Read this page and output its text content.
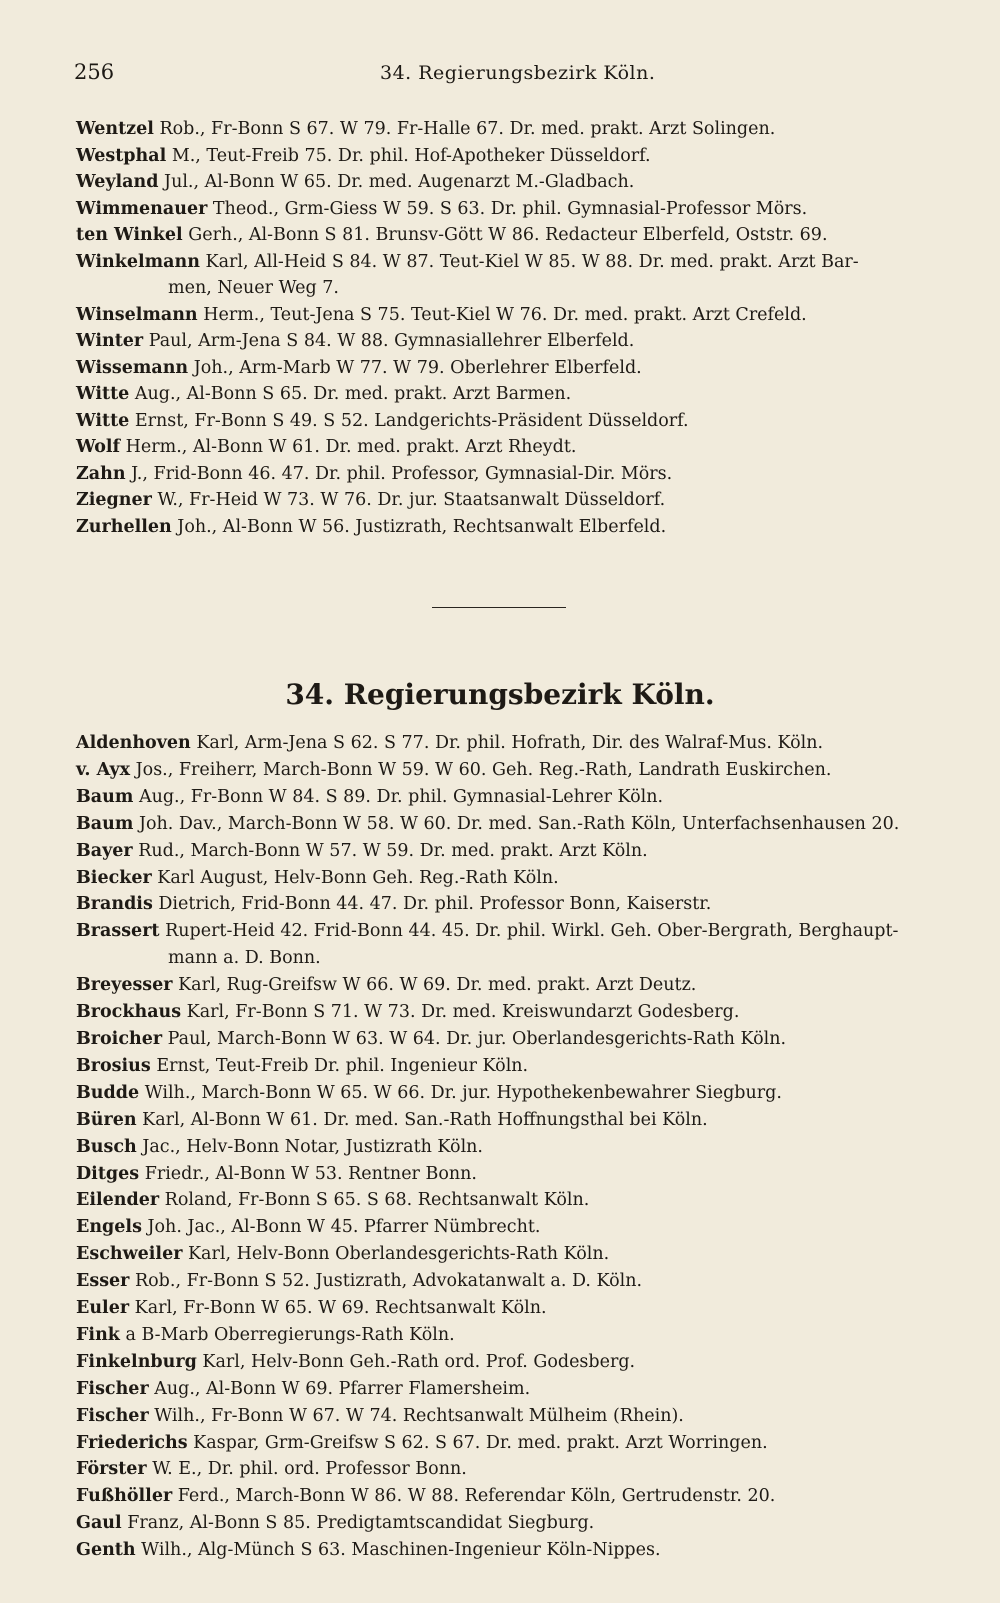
256	34. Regierungsbezirk Köln.
Wentzel Rob., Fr-Bonn S 67. W 79. Fr-Halle 67. Dr. med. prakt. Arzt Solingen.
Westphal M., Teut-Freib 75. Dr. phil. Hof-Apotheker Düsseldorf.
Weyland Jul., Al-Bonn W 65. Dr. med. Augenarzt M.-Gladbach.
Wimmenauer Theod., Grm-Giess W 59. S 63. Dr. phil. Gymnasial-Professor Mörs.
ten Winkel Gerh., Al-Bonn S 81. Brunsv-Gött W 86. Redacteur Elberfeld, Oststr. 69.
Winkelmann Karl, All-Heid S 84. W 87. Teut-Kiel W 85. W 88. Dr. med. prakt. Arzt Bar-
men, Neuer Weg 7.
Winselmann Herm., Teut-Jena S 75. Teut-Kiel W 76. Dr. med. prakt. Arzt Crefeld.
Winter Paul, Arm-Jena S 84. W 88. Gymnasiallehrer Elberfeld.
Wissemann Joh., Arm-Marb W 77. W 79. Oberlehrer Elberfeld.
Witte Aug., Al-Bonn S 65. Dr. med. prakt. Arzt Barmen.
Witte Ernst, Fr-Bonn S 49. S 52. Landgerichts-Präsident Düsseldorf.
Wolf Herm., Al-Bonn W 61. Dr. med. prakt. Arzt Rheydt.
Zahn J., Frid-Bonn 46. 47. Dr. phil. Professor, Gymnasial-Dir. Mörs.
Ziegner W., Fr-Heid W 73. W 76. Dr. jur. Staatsanwalt Düsseldorf.
Zurhellen Joh., Al-Bonn W 56. Justizrath, Rechtsanwalt Elberfeld.
34. Regierungsbezirk Köln.
Aldenhoven Karl, Arm-Jena S 62. S 77. Dr. phil. Hofrath, Dir. des Walraf-Mus. Köln.
v. Ayx Jos., Freiherr, March-Bonn W 59. W 60. Geh. Reg.-Rath, Landrath Euskirchen.
Baum Aug., Fr-Bonn W 84. S 89. Dr. phil. Gymnasial-Lehrer Köln.
Baum Joh. Dav., March-Bonn W 58. W 60. Dr. med. San.-Rath Köln, Unterfachsenhausen 20.
Bayer Rud., March-Bonn W 57. W 59. Dr. med. prakt. Arzt Köln.
Biecker Karl August, Helv-Bonn Geh. Reg.-Rath Köln.
Brandis Dietrich, Frid-Bonn 44. 47. Dr. phil. Professor Bonn, Kaiserstr.
Brassert Rupert-Heid 42. Frid-Bonn 44. 45. Dr. phil. Wirkl. Geh. Ober-Bergrath, Berghaupt-
mann a. D. Bonn.
Breyesser Karl, Rug-Greifsw W 66. W 69. Dr. med. prakt. Arzt Deutz.
Brockhaus Karl, Fr-Bonn S 71. W 73. Dr. med. Kreiswundarzt Godesberg.
Broicher Paul, March-Bonn W 63. W 64. Dr. jur. Oberlandesgerichts-Rath Köln.
Brosius Ernst, Teut-Freib Dr. phil. Ingenieur Köln.
Budde Wilh., March-Bonn W 65. W 66. Dr. jur. Hypothekenbewahrer Siegburg.
Büren Karl, Al-Bonn W 61. Dr. med. San.-Rath Hoffnungsthal bei Köln.
Busch Jac., Helv-Bonn Notar, Justizrath Köln.
Ditges Friedr., Al-Bonn W 53. Rentner Bonn.
Eilender Roland, Fr-Bonn S 65. S 68. Rechtsanwalt Köln.
Engels Joh. Jac., Al-Bonn W 45. Pfarrer Nümbrecht.
Eschweiler Karl, Helv-Bonn Oberlandesgerichts-Rath Köln.
Esser Rob., Fr-Bonn S 52. Justizrath, Advokatanwalt a. D. Köln.
Euler Karl, Fr-Bonn W 65. W 69. Rechtsanwalt Köln.
Fink a B-Marb Oberregierungs-Rath Köln.
Finkelnburg Karl, Helv-Bonn Geh.-Rath ord. Prof. Godesberg.
Fischer Aug., Al-Bonn W 69. Pfarrer Flamersheim.
Fischer Wilh., Fr-Bonn W 67. W 74. Rechtsanwalt Mülheim (Rhein).
Friederichs Kaspar, Grm-Greifsw S 62. S 67. Dr. med. prakt. Arzt Worringen.
Förster W. E., Dr. phil. ord. Professor Bonn.
Fußhöller Ferd., March-Bonn W 86. W 88. Referendar Köln, Gertrudenstr. 20.
Gaul Franz, Al-Bonn S 85. Predigtamtscandidat Siegburg.
Genth Wilh., Alg-Münch S 63. Maschinen-Ingenieur Köln-Nippes.
